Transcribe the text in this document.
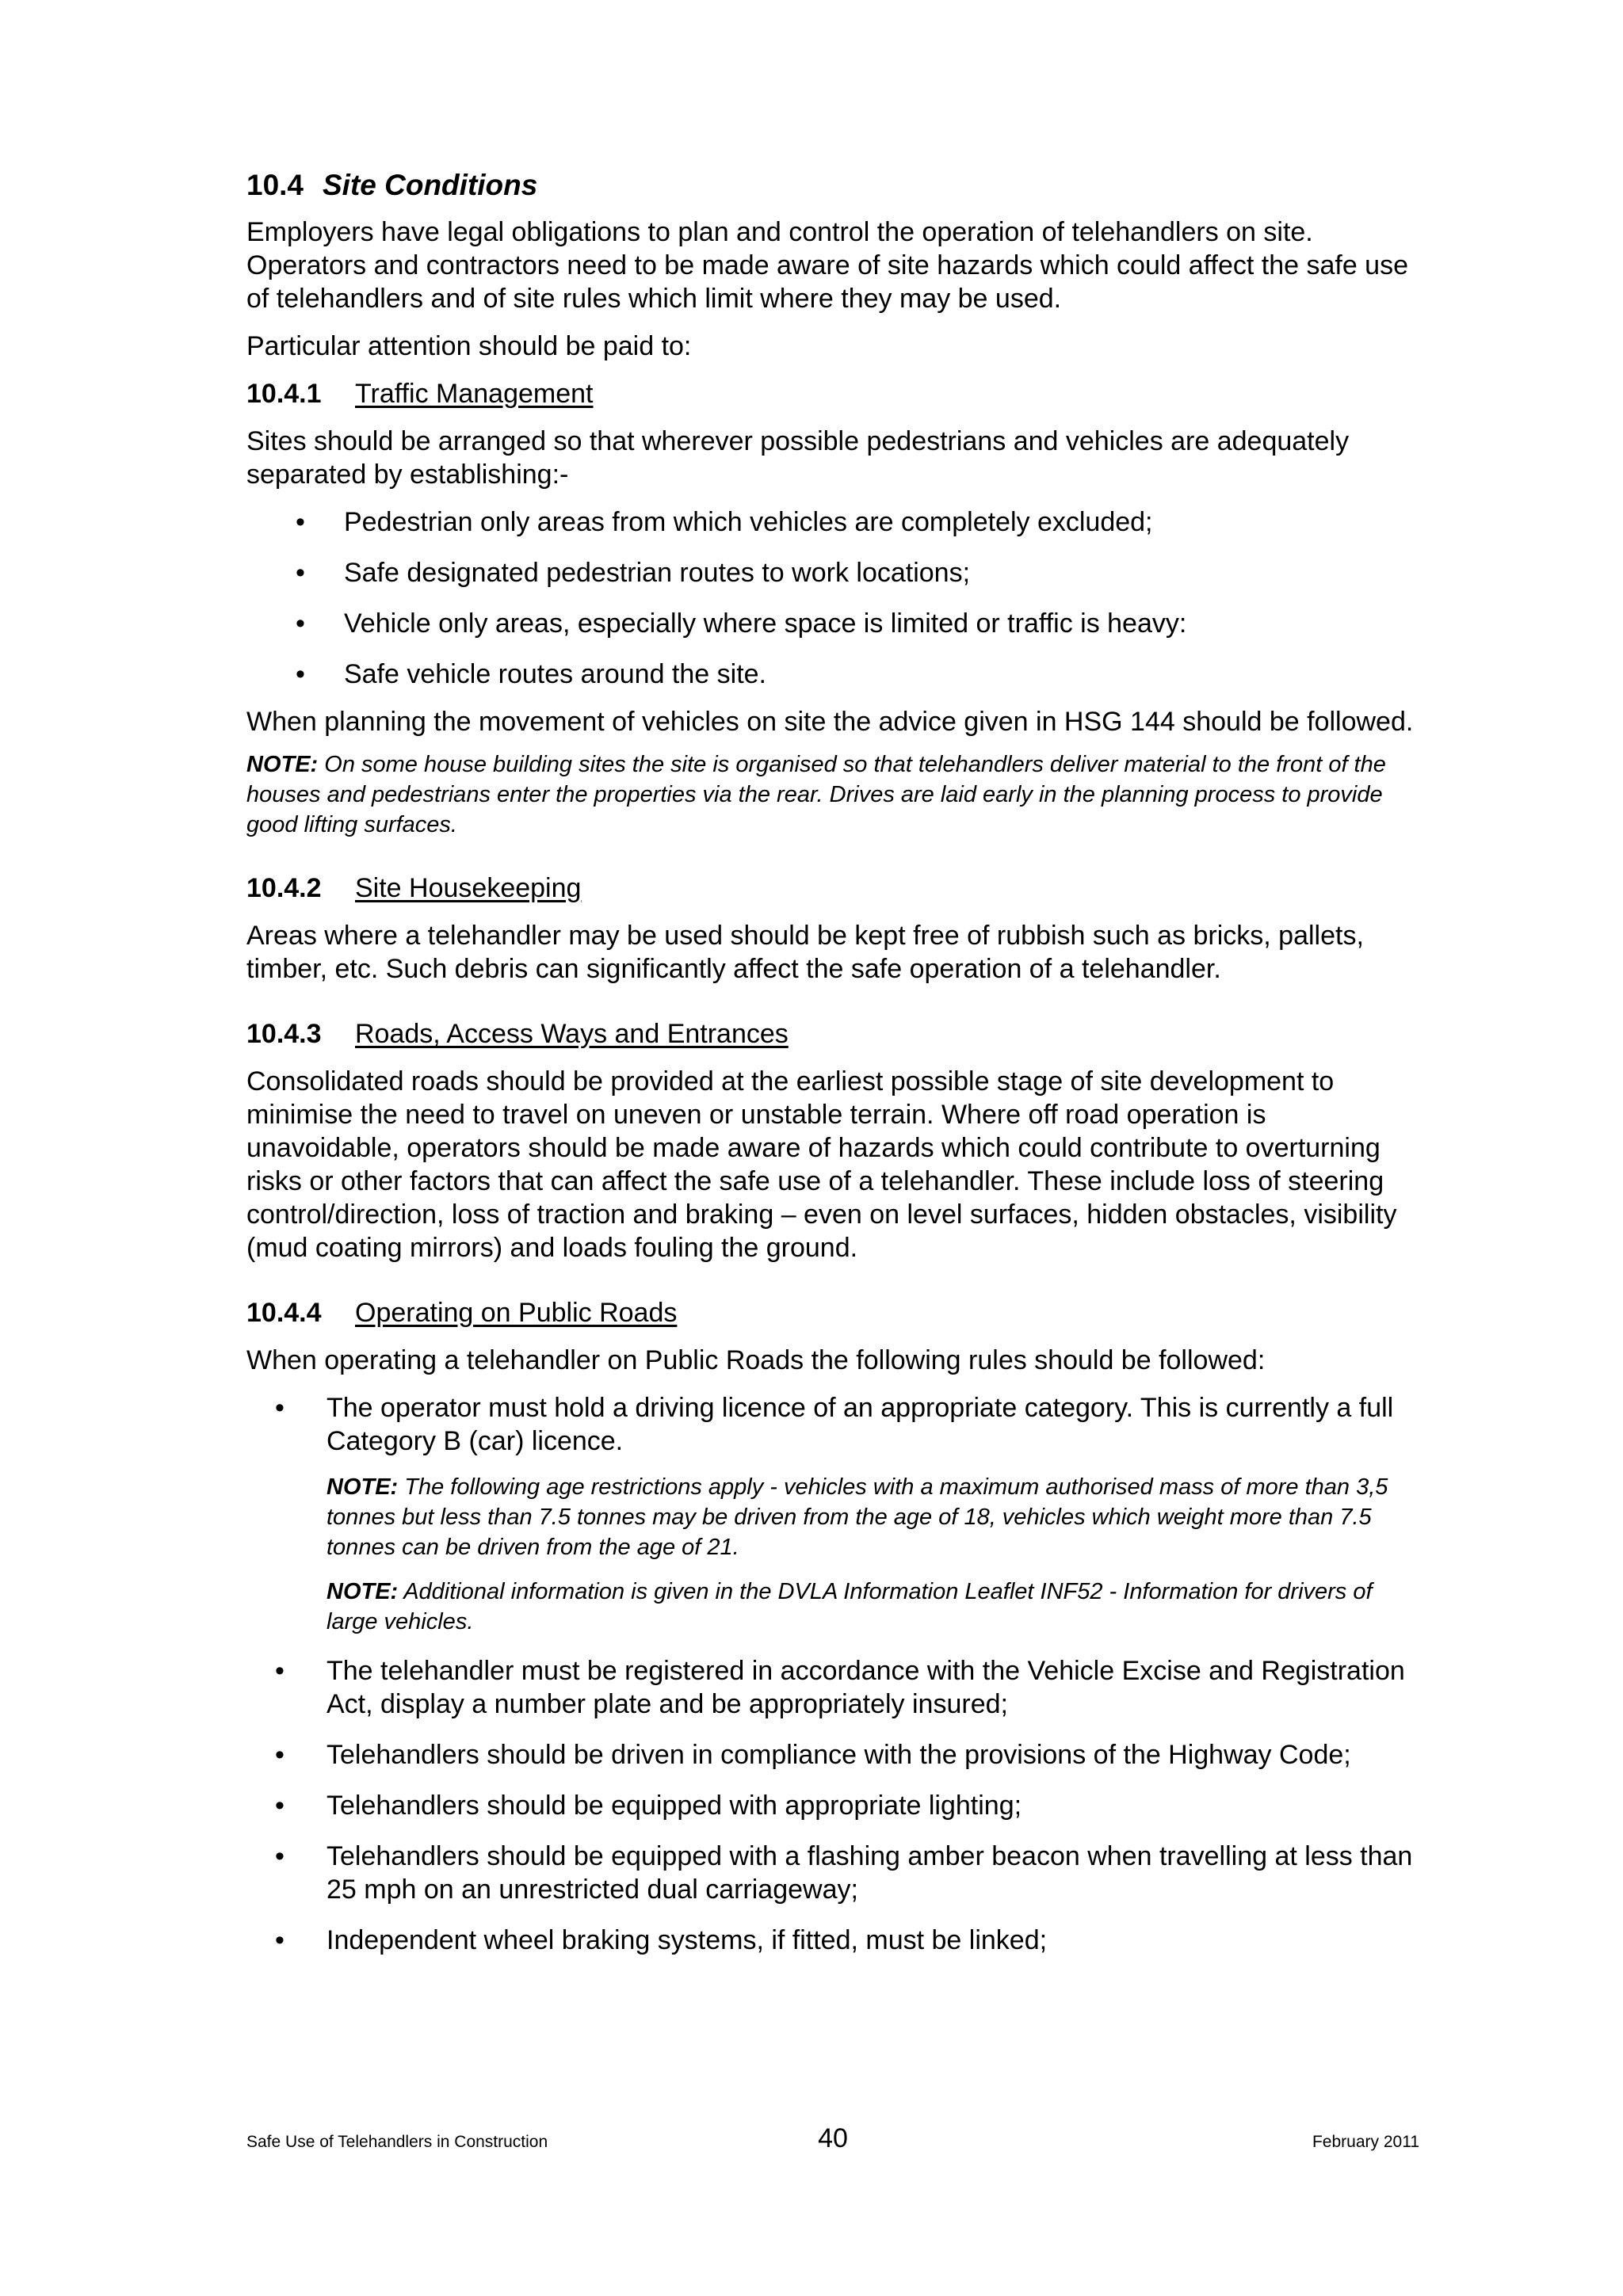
10.4 Site Conditions

Employers have legal obligations to plan and control the operation of telehandlers on site. Operators and contractors need to be made aware of site hazards which could affect the safe use of telehandlers and of site rules which limit where they may be used.

Particular attention should be paid to:

10.4.1 Traffic Management

Sites should be arranged so that wherever possible pedestrians and vehicles are adequately separated by establishing:-

• Pedestrian only areas from which vehicles are completely excluded;
• Safe designated pedestrian routes to work locations;
• Vehicle only areas, especially where space is limited or traffic is heavy:
• Safe vehicle routes around the site.

When planning the movement of vehicles on site the advice given in HSG 144 should be followed.

NOTE: On some house building sites the site is organised so that telehandlers deliver material to the front of the houses and pedestrians enter the properties via the rear. Drives are laid early in the planning process to provide good lifting surfaces.
10.4.2 Site Housekeeping

Areas where a telehandler may be used should be kept free of rubbish such as bricks, pallets, timber, etc. Such debris can significantly affect the safe operation of a telehandler.

10.4.3 Roads, Access Ways and Entrances

Consolidated roads should be provided at the earliest possible stage of site development to minimise the need to travel on uneven or unstable terrain. Where off road operation is unavoidable, operators should be made aware of hazards which could contribute to overturning risks or other factors that can affect the safe use of a telehandler. These include loss of steering control/direction, loss of traction and braking – even on level surfaces, hidden obstacles, visibility (mud coating mirrors) and loads fouling the ground.

10.4.4 Operating on Public Roads

When operating a telehandler on Public Roads the following rules should be followed:

• The operator must hold a driving licence of an appropriate category. This is currently a full Category B (car) licence.
NOTE: The following age restrictions apply - vehicles with a maximum authorised mass of more than 3,5 tonnes but less than 7.5 tonnes may be driven from the age of 18, vehicles which weight more than 7.5 tonnes can be driven from the age of 21.
NOTE: Additional information is given in the DVLA Information Leaflet INF52 - Information for drivers of large vehicles.
• The telehandler must be registered in accordance with the Vehicle Excise and Registration Act, display a number plate and be appropriately insured;
• Telehandlers should be driven in compliance with the provisions of the Highway Code;
• Telehandlers should be equipped with appropriate lighting;
• Telehandlers should be equipped with a flashing amber beacon when travelling at less than 25 mph on an unrestricted dual carriageway;
• Independent wheel braking systems, if fitted, must be linked;
Safe Use of Telehandlers in Construction	40	February 2011
